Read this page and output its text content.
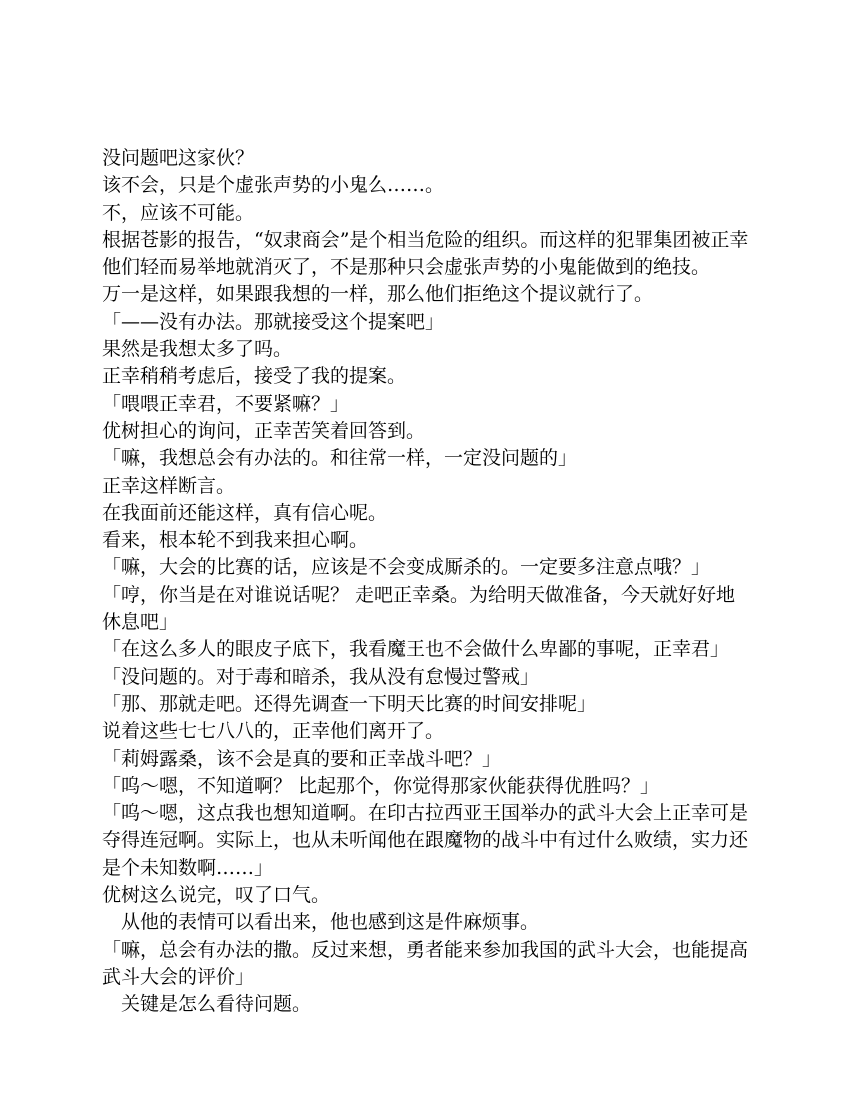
没问题吧这家伙？

该不会，只是个虚张声势的小鬼么……。

不，应该不可能。

根据苍影的报告，“奴隶商会”是个相当危险的组织。而这样的犯罪集团被正幸他们轻而易举地就消灭了，不是那种只会虚张声势的小鬼能做到的绝技。

万一是这样，如果跟我想的一样，那么他们拒绝这个提议就行了。

「——没有办法。那就接受这个提案吧」

果然是我想太多了吗。

正幸稍稍考虑后，接受了我的提案。

「喂喂正幸君，不要紧嘛？」

优树担心的询问，正幸苦笑着回答到。

「嘛，我想总会有办法的。和往常一样，一定没问题的」

正幸这样断言。

在我面前还能这样，真有信心呢。

看来，根本轮不到我来担心啊。

「嘛，大会的比赛的话，应该是不会变成厮杀的。一定要多注意点哦？」

「哼，你当是在对谁说话呢？ 走吧正幸桑。为给明天做准备，今天就好好地休息吧」

「在这么多人的眼皮子底下，我看魔王也不会做什么卑鄙的事呢，正幸君」

「没问题的。对于毒和暗杀，我从没有怠慢过警戒」

「那、那就走吧。还得先调查一下明天比赛的时间安排呢」

说着这些七七八八的，正幸他们离开了。

「莉姆露桑，该不会是真的要和正幸战斗吧？」

「呜～嗯，不知道啊？ 比起那个，你觉得那家伙能获得优胜吗？」

「呜～嗯，这点我也想知道啊。在印古拉西亚王国举办的武斗大会上正幸可是夺得连冠啊。实际上，也从未听闻他在跟魔物的战斗中有过什么败绩，实力还是个未知数啊……」

优树这么说完，叹了口气。

　从他的表情可以看出来，他也感到这是件麻烦事。

「嘛，总会有办法的撒。反过来想，勇者能来参加我国的武斗大会，也能提高武斗大会的评价」

　关键是怎么看待问题。
